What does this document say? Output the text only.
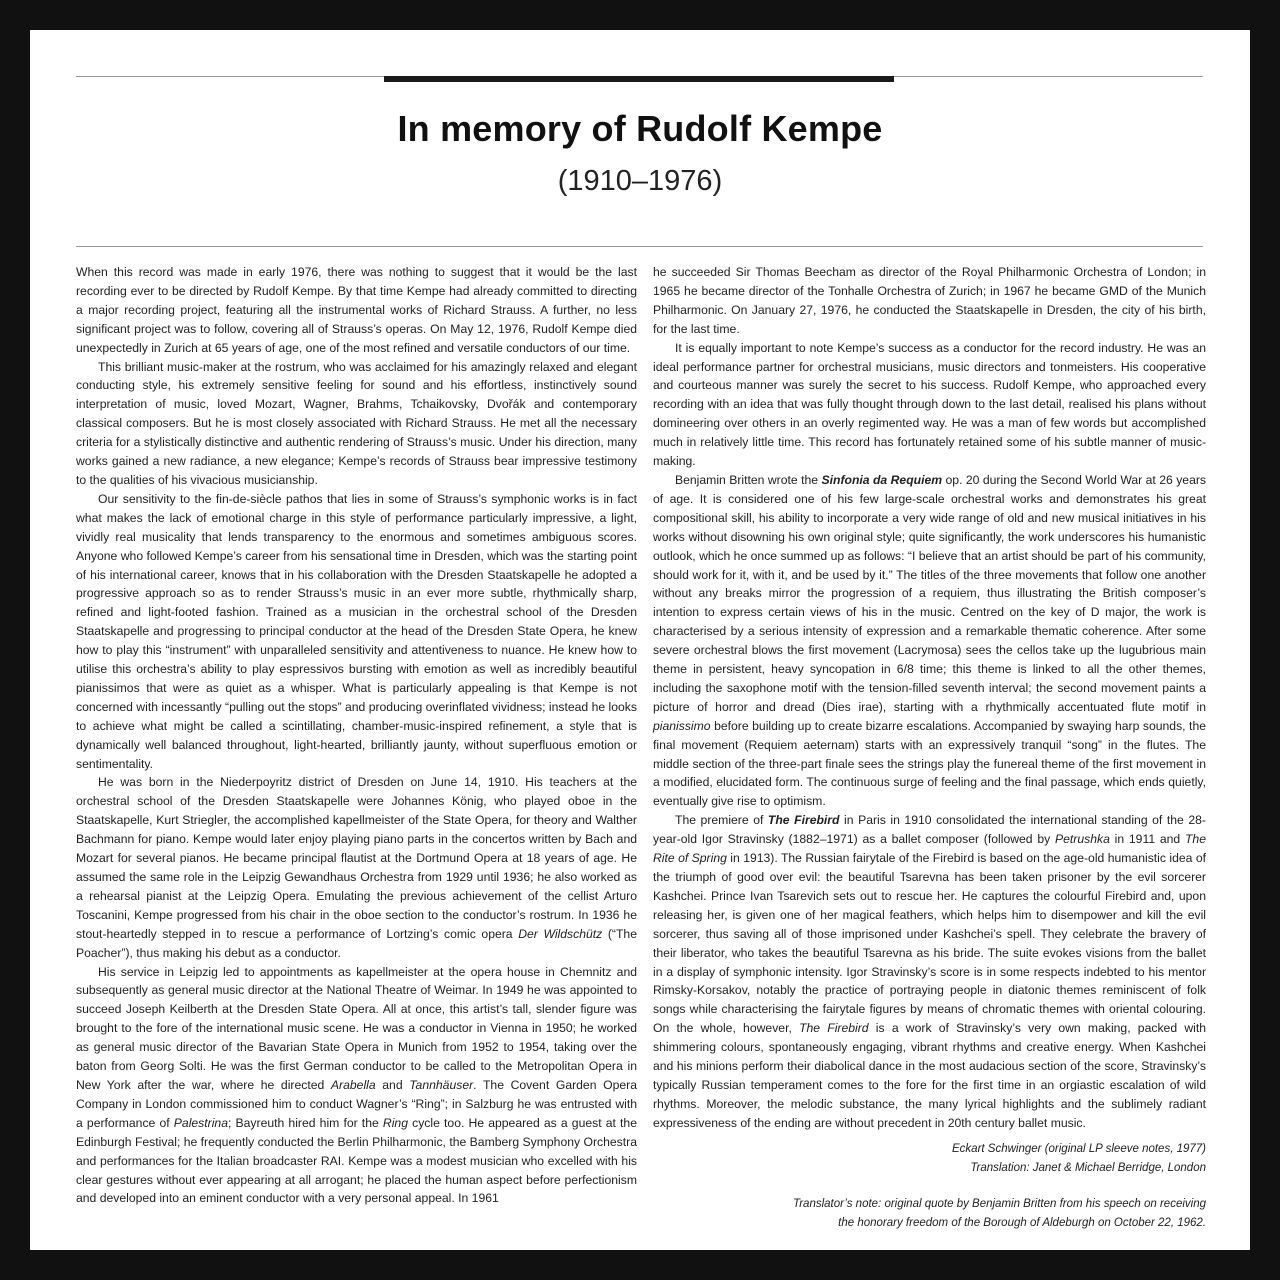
In memory of Rudolf Kempe
(1910–1976)

When this record was made in early 1976, there was nothing to suggest that it would be the last recording ever to be directed by Rudolf Kempe. By that time Kempe had already committed to directing a major recording project, featuring all the instrumental works of Richard Strauss. A further, no less significant project was to follow, covering all of Strauss’s operas. On May 12, 1976, Rudolf Kempe died unexpectedly in Zurich at 65 years of age, one of the most refined and versatile conductors of our time.

This brilliant music-maker at the rostrum, who was acclaimed for his amazingly relaxed and elegant conducting style, his extremely sensitive feeling for sound and his effortless, instinctively sound interpretation of music, loved Mozart, Wagner, Brahms, Tchaikovsky, Dvořák and contemporary classical composers. But he is most closely associated with Richard Strauss. He met all the necessary criteria for a stylistically distinctive and authentic rendering of Strauss’s music. Under his direction, many works gained a new radiance, a new elegance; Kempe’s records of Strauss bear impressive testimony to the qualities of his vivacious musicianship.

Our sensitivity to the fin-de-siècle pathos that lies in some of Strauss’s symphonic works is in fact what makes the lack of emotional charge in this style of performance particularly impressive, a light, vividly real musicality that lends transparency to the enormous and sometimes ambiguous scores. Anyone who followed Kempe’s career from his sensational time in Dresden, which was the starting point of his international career, knows that in his collaboration with the Dresden Staatskapelle he adopted a progressive approach so as to render Strauss’s music in an ever more subtle, rhythmically sharp, refined and light-footed fashion. Trained as a musician in the orchestral school of the Dresden Staatskapelle and progressing to principal conductor at the head of the Dresden State Opera, he knew how to play this “instrument” with unparalleled sensitivity and attentiveness to nuance. He knew how to utilise this orchestra’s ability to play espressivos bursting with emotion as well as incredibly beautiful pianissimos that were as quiet as a whisper. What is particularly appealing is that Kempe is not concerned with incessantly “pulling out the stops” and producing overinflated vividness; instead he looks to achieve what might be called a scintillating, chamber-music-inspired refinement, a style that is dynamically well balanced throughout, light-hearted, brilliantly jaunty, without superfluous emotion or sentimentality.

He was born in the Niederpoyritz district of Dresden on June 14, 1910. His teachers at the orchestral school of the Dresden Staatskapelle were Johannes König, who played oboe in the Staatskapelle, Kurt Striegler, the accomplished kapellmeister of the State Opera, for theory and Walther Bachmann for piano. Kempe would later enjoy playing piano parts in the concertos written by Bach and Mozart for several pianos. He became principal flautist at the Dortmund Opera at 18 years of age. He assumed the same role in the Leipzig Gewandhaus Orchestra from 1929 until 1936; he also worked as a rehearsal pianist at the Leipzig Opera. Emulating the previous achievement of the cellist Arturo Toscanini, Kempe progressed from his chair in the oboe section to the conductor’s rostrum. In 1936 he stout-heartedly stepped in to rescue a performance of Lortzing’s comic opera Der Wildschütz (“The Poacher”), thus making his debut as a conductor.

His service in Leipzig led to appointments as kapellmeister at the opera house in Chemnitz and subsequently as general music director at the National Theatre of Weimar. In 1949 he was appointed to succeed Joseph Keilberth at the Dresden State Opera. All at once, this artist’s tall, slender figure was brought to the fore of the international music scene. He was a conductor in Vienna in 1950; he worked as general music director of the Bavarian State Opera in Munich from 1952 to 1954, taking over the baton from Georg Solti. He was the first German conductor to be called to the Metropolitan Opera in New York after the war, where he directed Arabella and Tannhäuser. The Covent Garden Opera Company in London commissioned him to conduct Wagner’s “Ring”; in Salzburg he was entrusted with a performance of Palestrina; Bayreuth hired him for the Ring cycle too. He appeared as a guest at the Edinburgh Festival; he frequently conducted the Berlin Philharmonic, the Bamberg Symphony Orchestra and performances for the Italian broadcaster RAI. Kempe was a modest musician who excelled with his clear gestures without ever appearing at all arrogant; he placed the human aspect before perfectionism and developed into an eminent conductor with a very personal appeal. In 1961

he succeeded Sir Thomas Beecham as director of the Royal Philharmonic Orchestra of London; in 1965 he became director of the Tonhalle Orchestra of Zurich; in 1967 he became GMD of the Munich Philharmonic. On January 27, 1976, he conducted the Staatskapelle in Dresden, the city of his birth, for the last time.

It is equally important to note Kempe’s success as a conductor for the record industry. He was an ideal performance partner for orchestral musicians, music directors and tonmeisters. His cooperative and courteous manner was surely the secret to his success. Rudolf Kempe, who approached every recording with an idea that was fully thought through down to the last detail, realised his plans without domineering over others in an overly regimented way. He was a man of few words but accomplished much in relatively little time. This record has fortunately retained some of his subtle manner of music-making.

Benjamin Britten wrote the Sinfonia da Requiem op. 20 during the Second World War at 26 years of age. It is considered one of his few large-scale orchestral works and demonstrates his great compositional skill, his ability to incorporate a very wide range of old and new musical initiatives in his works without disowning his own original style; quite significantly, the work underscores his humanistic outlook, which he once summed up as follows: “I believe that an artist should be part of his community, should work for it, with it, and be used by it.” The titles of the three movements that follow one another without any breaks mirror the progression of a requiem, thus illustrating the British composer’s intention to express certain views of his in the music. Centred on the key of D major, the work is characterised by a serious intensity of expression and a remarkable thematic coherence. After some severe orchestral blows the first movement (Lacrymosa) sees the cellos take up the lugubrious main theme in persistent, heavy syncopation in 6/8 time; this theme is linked to all the other themes, including the saxophone motif with the tension-filled seventh interval; the second movement paints a picture of horror and dread (Dies irae), starting with a rhythmically accentuated flute motif in pianissimo before building up to create bizarre escalations. Accompanied by swaying harp sounds, the final movement (Requiem aeternam) starts with an expressively tranquil “song” in the flutes. The middle section of the three-part finale sees the strings play the funereal theme of the first movement in a modified, elucidated form. The continuous surge of feeling and the final passage, which ends quietly, eventually give rise to optimism.

The premiere of The Firebird in Paris in 1910 consolidated the international standing of the 28-year-old Igor Stravinsky (1882–1971) as a ballet composer (followed by Petrushka in 1911 and The Rite of Spring in 1913). The Russian fairytale of the Firebird is based on the age-old humanistic idea of the triumph of good over evil: the beautiful Tsarevna has been taken prisoner by the evil sorcerer Kashchei. Prince Ivan Tsarevich sets out to rescue her. He captures the colourful Firebird and, upon releasing her, is given one of her magical feathers, which helps him to disempower and kill the evil sorcerer, thus saving all of those imprisoned under Kashchei’s spell. They celebrate the bravery of their liberator, who takes the beautiful Tsarevna as his bride. The suite evokes visions from the ballet in a display of symphonic intensity. Igor Stravinsky’s score is in some respects indebted to his mentor Rimsky-Korsakov, notably the practice of portraying people in diatonic themes reminiscent of folk songs while characterising the fairytale figures by means of chromatic themes with oriental colouring. On the whole, however, The Firebird is a work of Stravinsky’s very own making, packed with shimmering colours, spontaneously engaging, vibrant rhythms and creative energy. When Kashchei and his minions perform their diabolical dance in the most audacious section of the score, Stravinsky’s typically Russian temperament comes to the fore for the first time in an orgiastic escalation of wild rhythms. Moreover, the melodic substance, the many lyrical highlights and the sublimely radiant expressiveness of the ending are without precedent in 20th century ballet music.

Eckart Schwinger (original LP sleeve notes, 1977)
Translation: Janet & Michael Berridge, London
Translator’s note: original quote by Benjamin Britten from his speech on receiving
the honorary freedom of the Borough of Aldeburgh on October 22, 1962.
